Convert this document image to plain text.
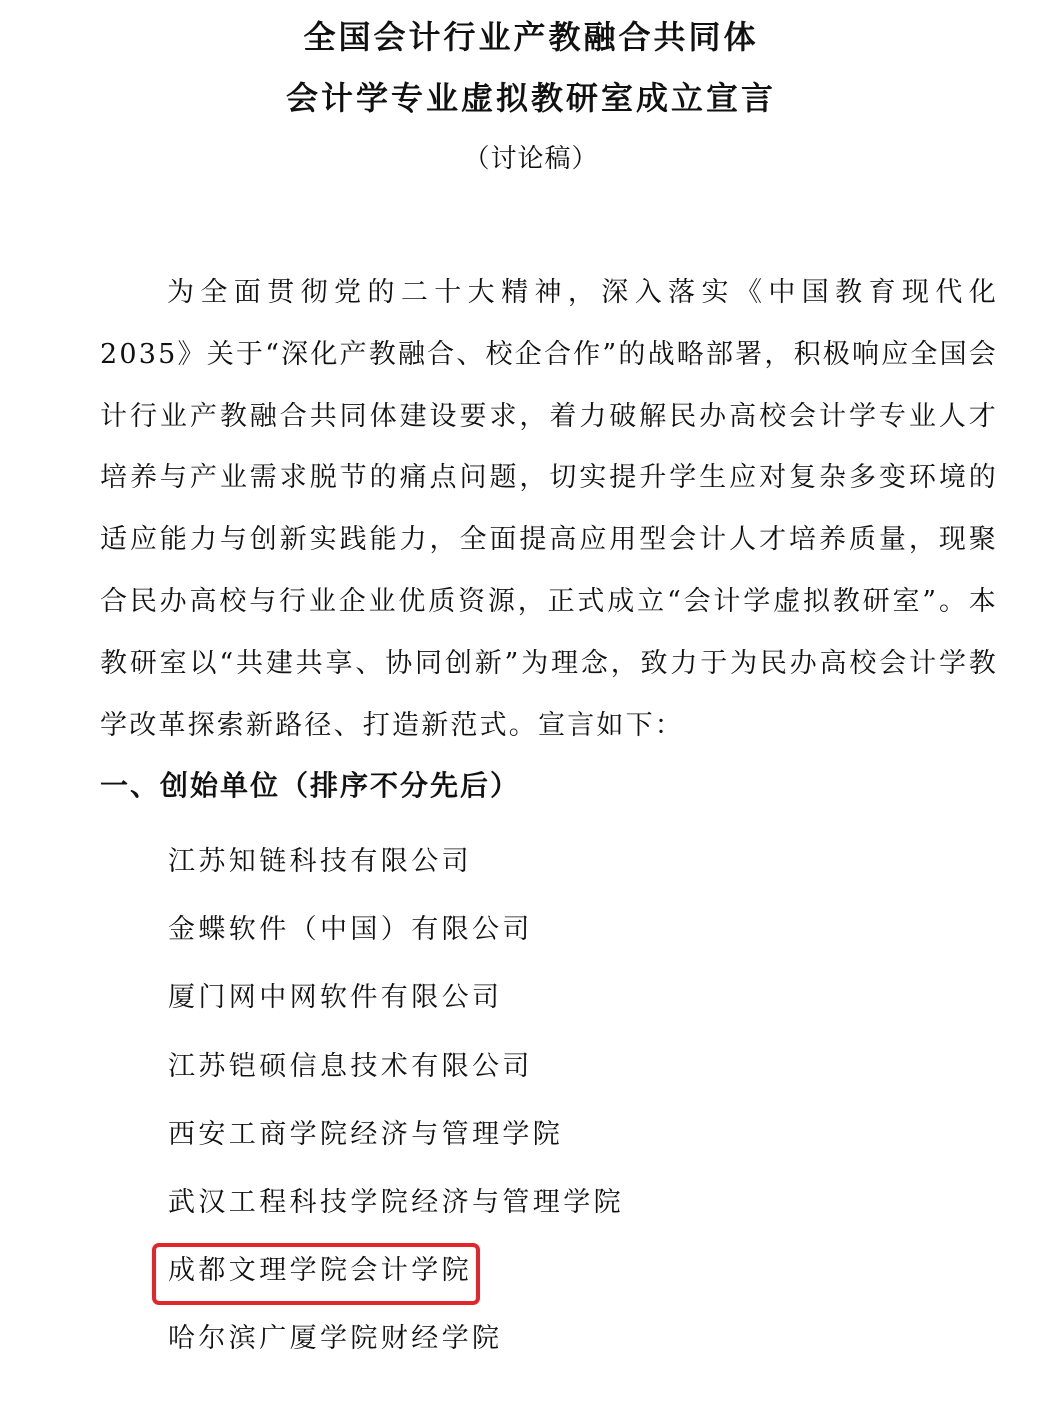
全国会计行业产教融合共同体
会计学专业虚拟教研室成立宣言
（讨论稿）

为全面贯彻党的二十大精神，深入落实《中国教育现代化 2035》关于“深化产教融合、校企合作”的战略部署，积极响应全国会计行业产教融合共同体建设要求，着力破解民办高校会计学专业人才培养与产业需求脱节的痛点问题，切实提升学生应对复杂多变环境的适应能力与创新实践能力，全面提高应用型会计人才培养质量，现聚合民办高校与行业企业优质资源，正式成立“会计学虚拟教研室”。本教研室以“共建共享、协同创新”为理念，致力于为民办高校会计学教学改革探索新路径、打造新范式。宣言如下：

一、创始单位（排序不分先后）
江苏知链科技有限公司
金蝶软件（中国）有限公司
厦门网中网软件有限公司
江苏铠硕信息技术有限公司
西安工商学院经济与管理学院
武汉工程科技学院经济与管理学院
成都文理学院会计学院
哈尔滨广厦学院财经学院
